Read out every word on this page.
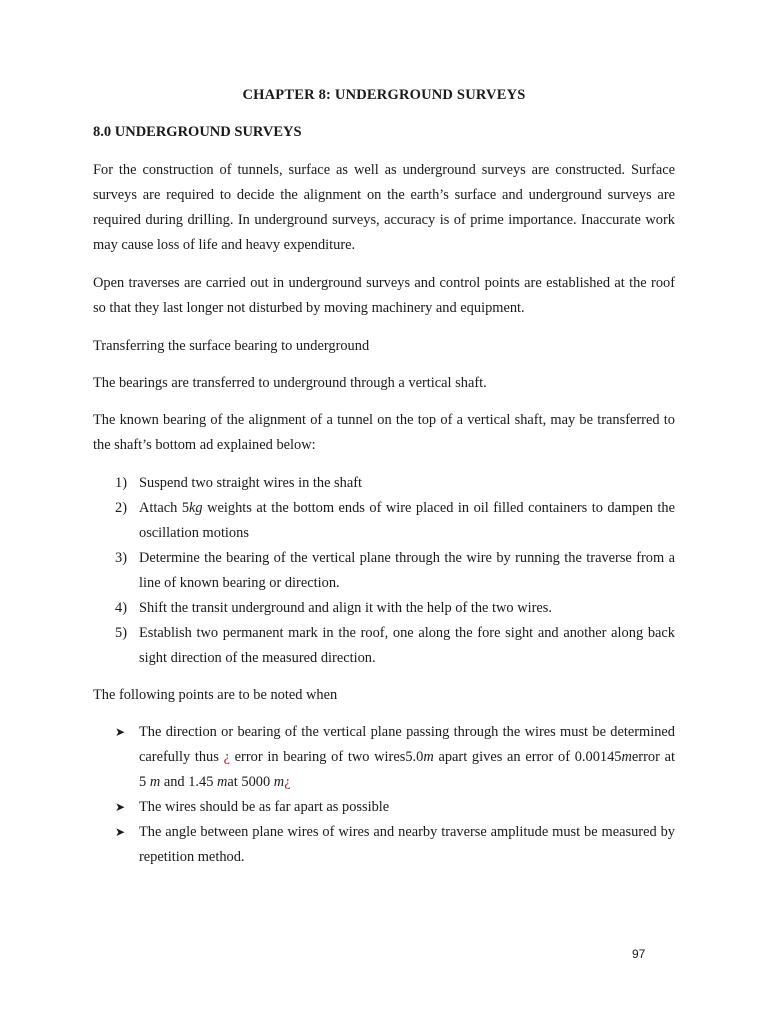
CHAPTER 8: UNDERGROUND SURVEYS
8.0 UNDERGROUND SURVEYS
For the construction of tunnels, surface as well as underground surveys are constructed. Surface surveys are required to decide the alignment on the earth’s surface and underground surveys are required during drilling. In underground surveys, accuracy is of prime importance. Inaccurate work may cause loss of life and heavy expenditure.
Open traverses are carried out in underground surveys and control points are established at the roof so that they last longer not disturbed by moving machinery and equipment.
Transferring the surface bearing to underground
The bearings are transferred to underground through a vertical shaft.
The known bearing of the alignment of a tunnel on the top of a vertical shaft, may be transferred to the shaft’s bottom ad explained below:
1) Suspend two straight wires in the shaft
2) Attach 5kg weights at the bottom ends of wire placed in oil filled containers to dampen the oscillation motions
3) Determine the bearing of the vertical plane through the wire by running the traverse from a line of known bearing or direction.
4) Shift the transit underground and align it with the help of the two wires.
5) Establish two permanent mark in the roof, one along the fore sight and another along back sight direction of the measured direction.
The following points are to be noted when
➤ The direction or bearing of the vertical plane passing through the wires must be determined carefully thus ¿ error in bearing of two wires5.0m apart gives an error of 0.00145merror at 5 m and 1.45 mat 5000 m¿
➤ The wires should be as far apart as possible
➤ The angle between plane wires of wires and nearby traverse amplitude must be measured by repetition method.
97
